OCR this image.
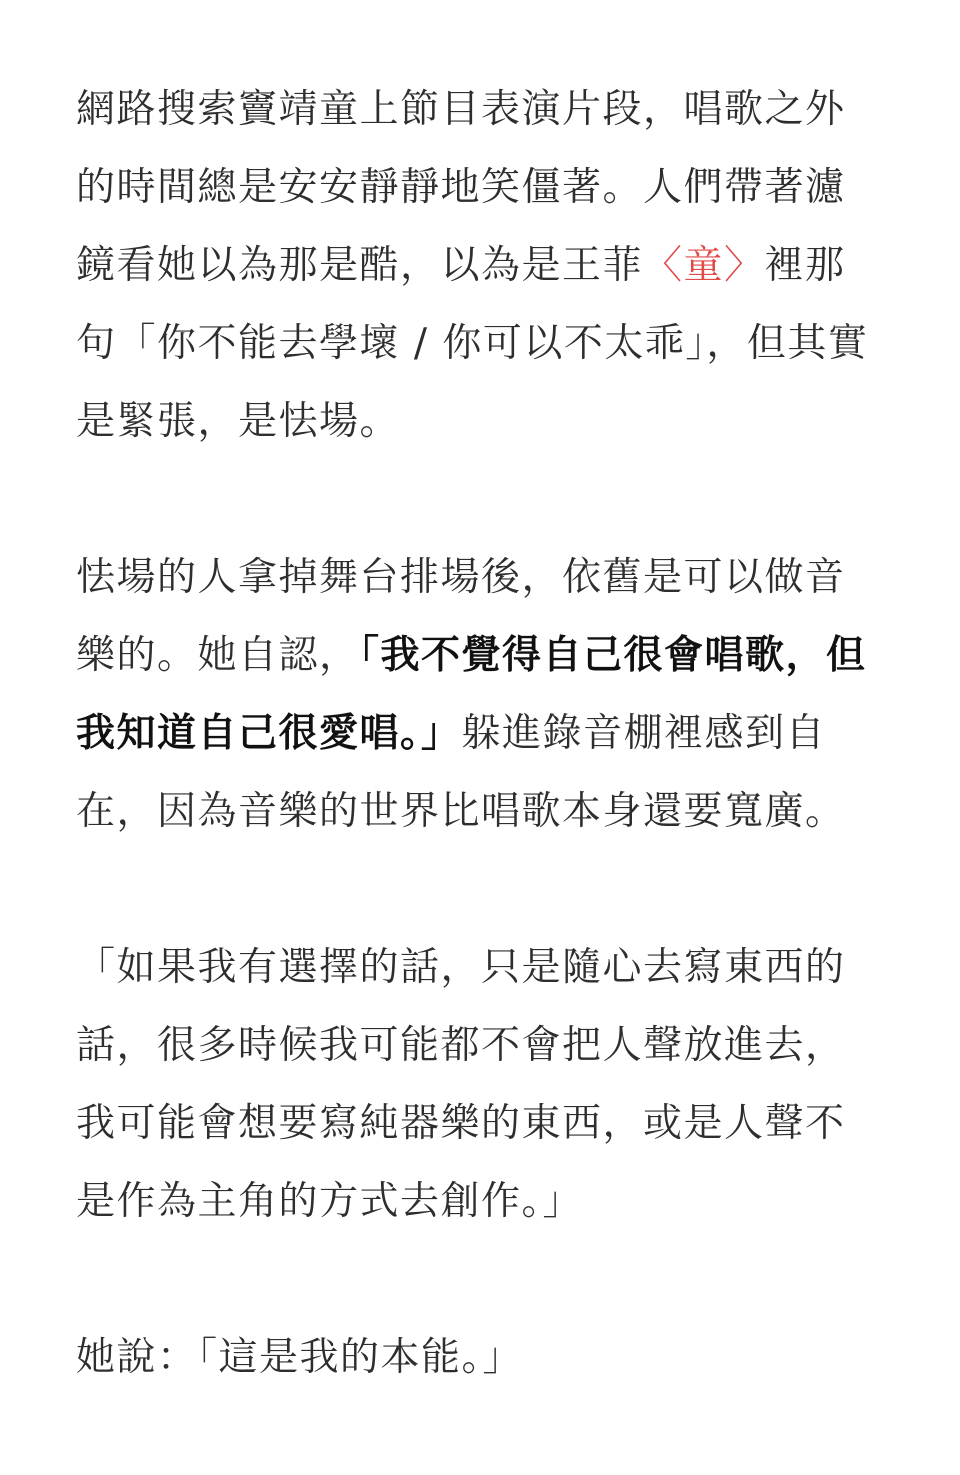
網路搜索竇靖童上節目表演片段，唱歌之外的時間總是安安靜靜地笑僵著。人們帶著濾鏡看她以為那是酷，以為是王菲〈童〉裡那句「你不能去學壞 / 你可以不太乖」，但其實是緊張，是怯場。

怯場的人拿掉舞台排場後，依舊是可以做音樂的。她自認，「我不覺得自己很會唱歌，但我知道自己很愛唱。」躲進錄音棚裡感到自在，因為音樂的世界比唱歌本身還要寬廣。

「如果我有選擇的話，只是隨心去寫東西的話，很多時候我可能都不會把人聲放進去，我可能會想要寫純器樂的東西，或是人聲不是作為主角的方式去創作。」

她說：「這是我的本能。」
